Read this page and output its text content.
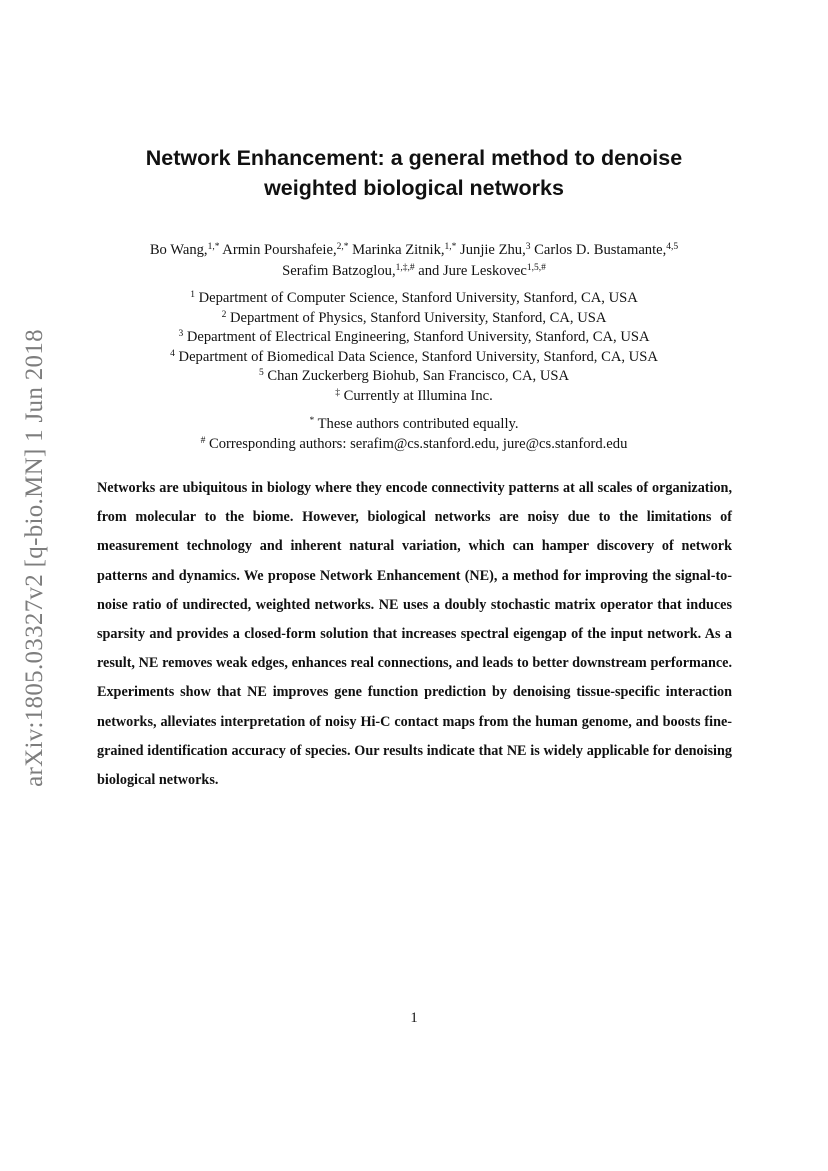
arXiv:1805.03327v2 [q-bio.MN] 1 Jun 2018
Network Enhancement: a general method to denoise
weighted biological networks
Bo Wang,$^{1,*}$ Armin Pourshafeie,$^{2,*}$ Marinka Zitnik,$^{1,*}$ Junjie Zhu,$^3$ Carlos D. Bustamante,$^{4,5}$
Serafim Batzoglou,$^{1,\ddagger,\#}$ and Jure Leskovec$^{1,5,\#}$
$^1$ Department of Computer Science, Stanford University, Stanford, CA, USA
$^2$ Department of Physics, Stanford University, Stanford, CA, USA
$^3$ Department of Electrical Engineering, Stanford University, Stanford, CA, USA
$^4$ Department of Biomedical Data Science, Stanford University, Stanford, CA, USA
$^5$ Chan Zuckerberg Biohub, San Francisco, CA, USA
‡ Currently at Illumina Inc.
* These authors contributed equally.
# Corresponding authors: serafim@cs.stanford.edu, jure@cs.stanford.edu
Networks are ubiquitous in biology where they encode connectivity patterns at all scales of organization, from molecular to the biome. However, biological networks are noisy due to the limitations of measurement technology and inherent natural variation, which can hamper discovery of network patterns and dynamics. We propose Network Enhancement (NE), a method for improving the signal-to-noise ratio of undirected, weighted networks. NE uses a doubly stochastic matrix operator that induces sparsity and provides a closed-form solution that increases spectral eigengap of the input network. As a result, NE removes weak edges, enhances real connections, and leads to better downstream performance. Experiments show that NE improves gene function prediction by denoising tissue-specific interaction networks, alleviates interpretation of noisy Hi-C contact maps from the human genome, and boosts fine-grained identification accuracy of species. Our results indicate that NE is widely applicable for denoising biological networks.
1
